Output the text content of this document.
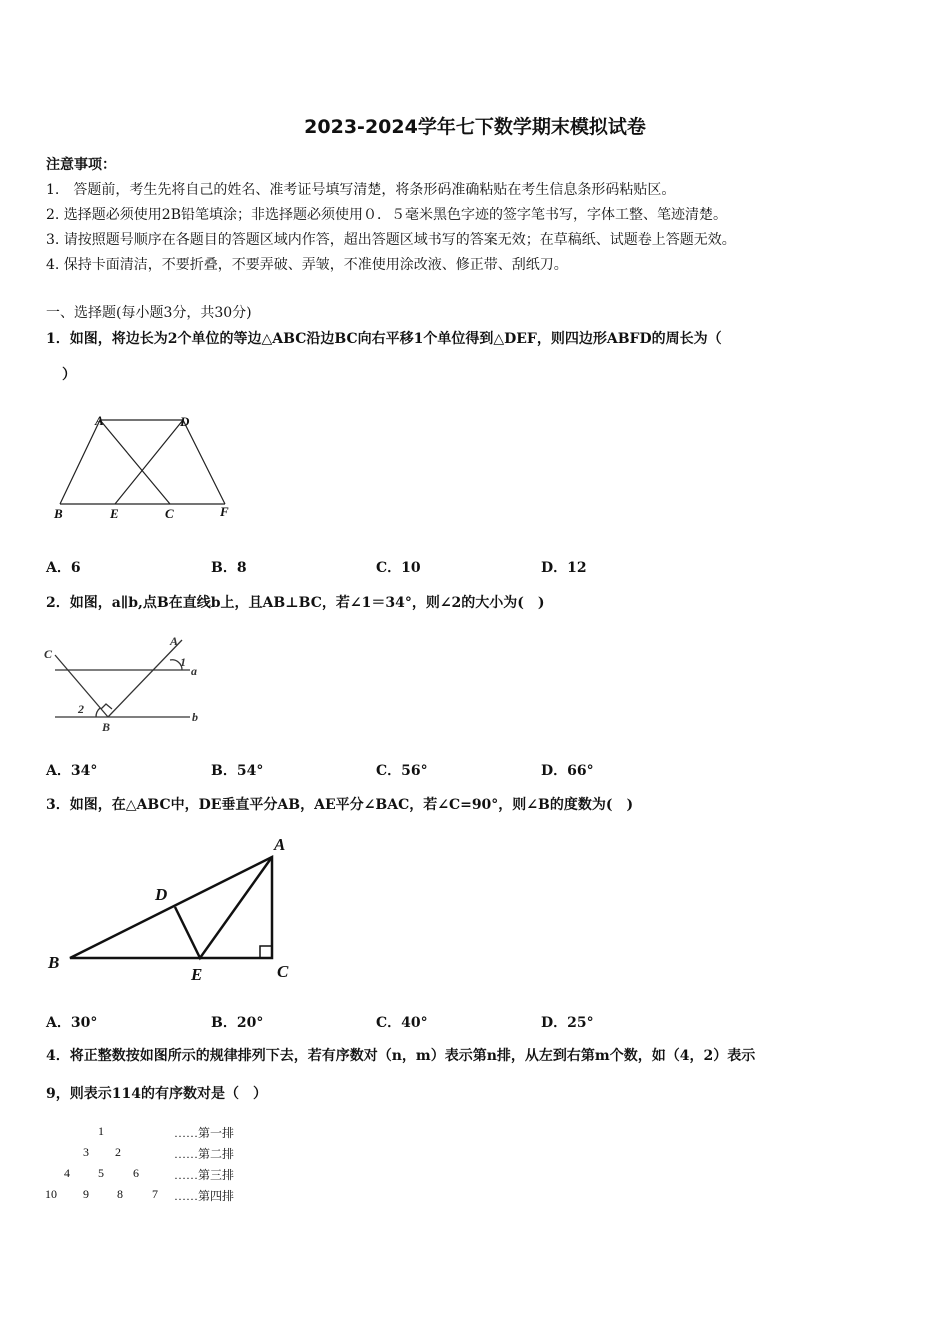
2023-2024学年七下数学期末模拟试卷
注意事项：
1.　答题前，考生先将自己的姓名、准考证号填写清楚，将条形码准确粘贴在考生信息条形码粘贴区。
2. 选择题必须使用2B铅笔填涂；非选择题必须使用０．５毫米黑色字迹的签字笔书写，字体工整、笔迹清楚。
3. 请按照题号顺序在各题目的答题区域内作答，超出答题区域书写的答案无效；在草稿纸、试题卷上答题无效。
4. 保持卡面清洁，不要折叠，不要弄破、弄皱，不准使用涂改液、修正带、刮纸刀。
一、选择题(每小题3分，共30分)
1．如图，将边长为2个单位的等边△ABC沿边BC向右平移1个单位得到△DEF，则四边形ABFD的周长为（
）
A	D
B	E	C	F
C
A
1
a
2
b
B
A
D
B
E	C
A．6	B．8	C．10	D．12
2．如图，a∥b,点B在直线b上，且AB⊥BC，若∠1＝34°，则∠2的大小为(　)
A．34°	B．54°	C．56°	D．66°
3．如图，在△ABC中，DE垂直平分AB，AE平分∠BAC，若∠C=90°，则∠B的度数为(　)
A．30°	B．20°	C．40°	D．25°
4．将正整数按如图所示的规律排列下去，若有序数对（n，m）表示第n排，从左到右第m个数，如（4，2）表示
9，则表示114的有序数对是（　）
1	……第一排
3 2	……第二排
4 5 6	……第三排
10 9 8 7 ……第四排
